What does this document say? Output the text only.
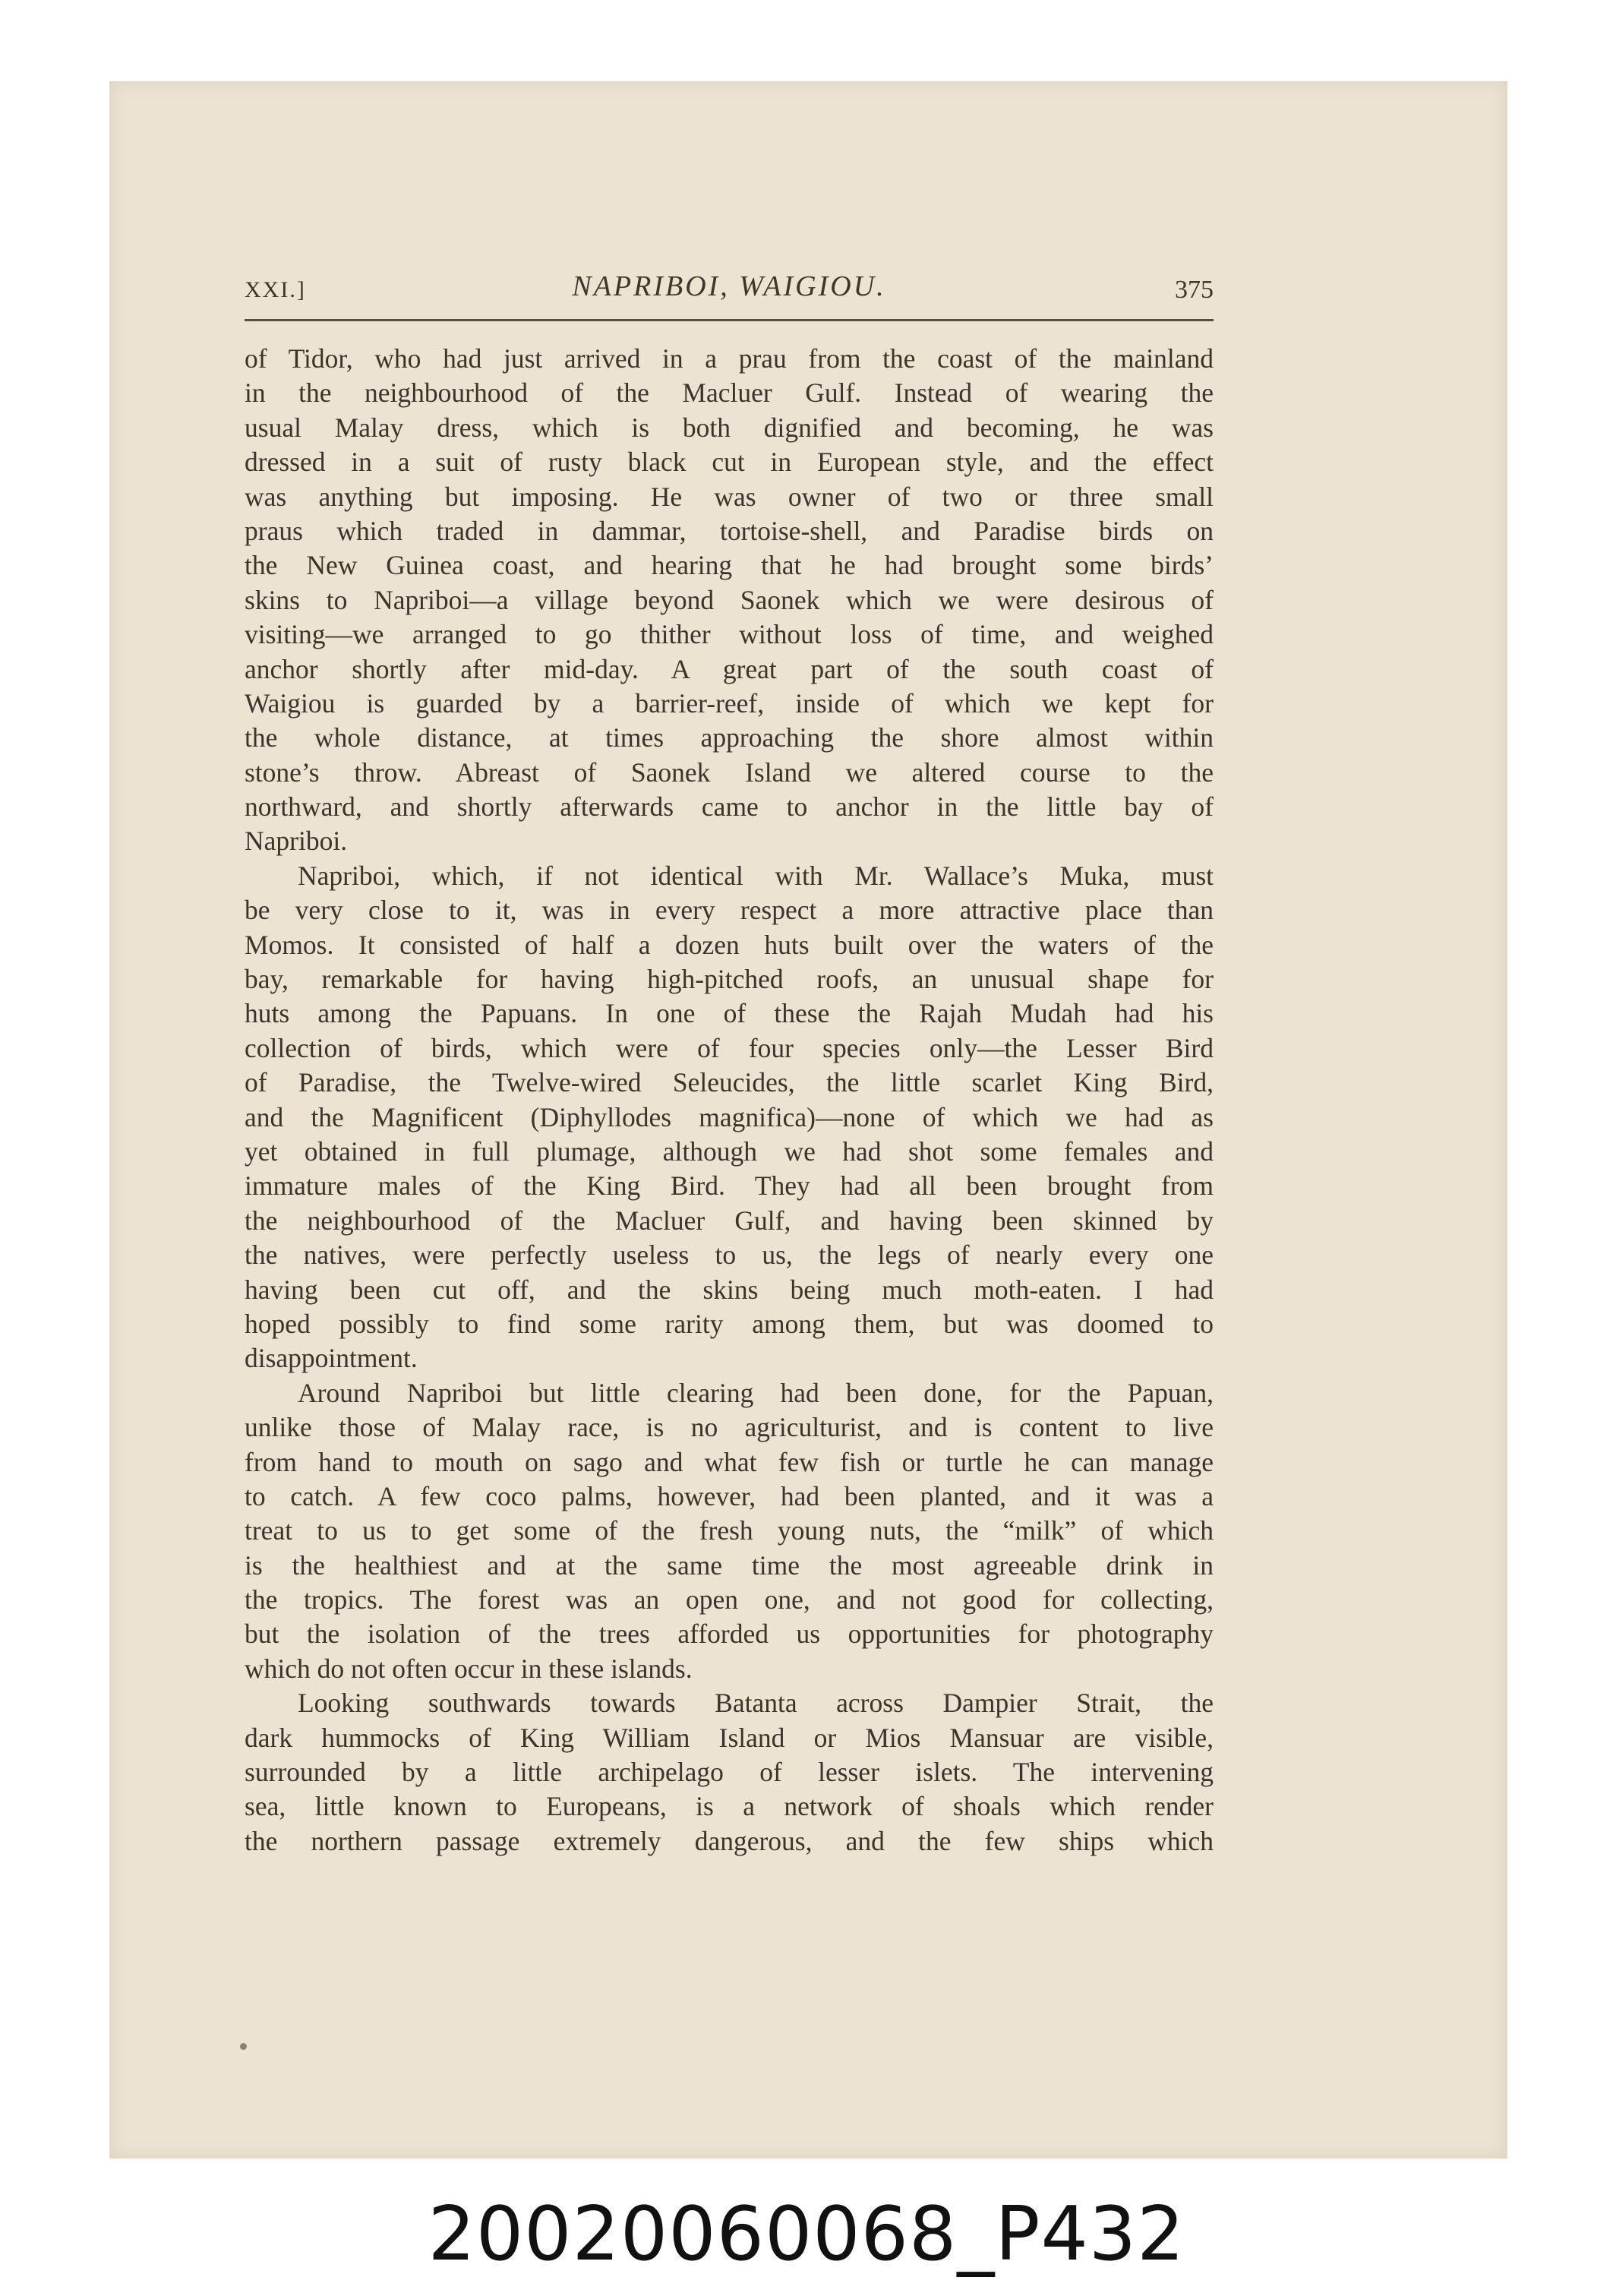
XXI.]	NAPRIBOI, WAIGIOU.	375
of Tidor, who had just arrived in a prau from the coast of the mainland
in the neighbourhood of the Macluer Gulf. Instead of wearing the
usual Malay dress, which is both dignified and becoming, he was
dressed in a suit of rusty black cut in European style, and the effect
was anything but imposing. He was owner of two or three small
praus which traded in dammar, tortoise-shell, and Paradise birds on
the New Guinea coast, and hearing that he had brought some birds’
skins to Napriboi—a village beyond Saonek which we were desirous of
visiting—we arranged to go thither without loss of time, and weighed
anchor shortly after mid-day. A great part of the south coast of
Waigiou is guarded by a barrier-reef, inside of which we kept for
the whole distance, at times approaching the shore almost within
stone’s throw. Abreast of Saonek Island we altered course to the
northward, and shortly afterwards came to anchor in the little bay of
Napriboi.
Napriboi, which, if not identical with Mr. Wallace’s Muka, must
be very close to it, was in every respect a more attractive place than
Momos. It consisted of half a dozen huts built over the waters of the
bay, remarkable for having high-pitched roofs, an unusual shape for
huts among the Papuans. In one of these the Rajah Mudah had his
collection of birds, which were of four species only—the Lesser Bird
of Paradise, the Twelve-wired Seleucides, the little scarlet King Bird,
and the Magnificent (Diphyllodes magnifica)—none of which we had as
yet obtained in full plumage, although we had shot some females and
immature males of the King Bird. They had all been brought from
the neighbourhood of the Macluer Gulf, and having been skinned by
the natives, were perfectly useless to us, the legs of nearly every one
having been cut off, and the skins being much moth-eaten. I had
hoped possibly to find some rarity among them, but was doomed to
disappointment.
Around Napriboi but little clearing had been done, for the Papuan,
unlike those of Malay race, is no agriculturist, and is content to live
from hand to mouth on sago and what few fish or turtle he can manage
to catch. A few coco palms, however, had been planted, and it was a
treat to us to get some of the fresh young nuts, the “milk” of which
is the healthiest and at the same time the most agreeable drink in
the tropics. The forest was an open one, and not good for collecting,
but the isolation of the trees afforded us opportunities for photography
which do not often occur in these islands.
Looking southwards towards Batanta across Dampier Strait, the
dark hummocks of King William Island or Mios Mansuar are visible,
surrounded by a little archipelago of lesser islets. The intervening
sea, little known to Europeans, is a network of shoals which render
the northern passage extremely dangerous, and the few ships which
20020060068_P432
